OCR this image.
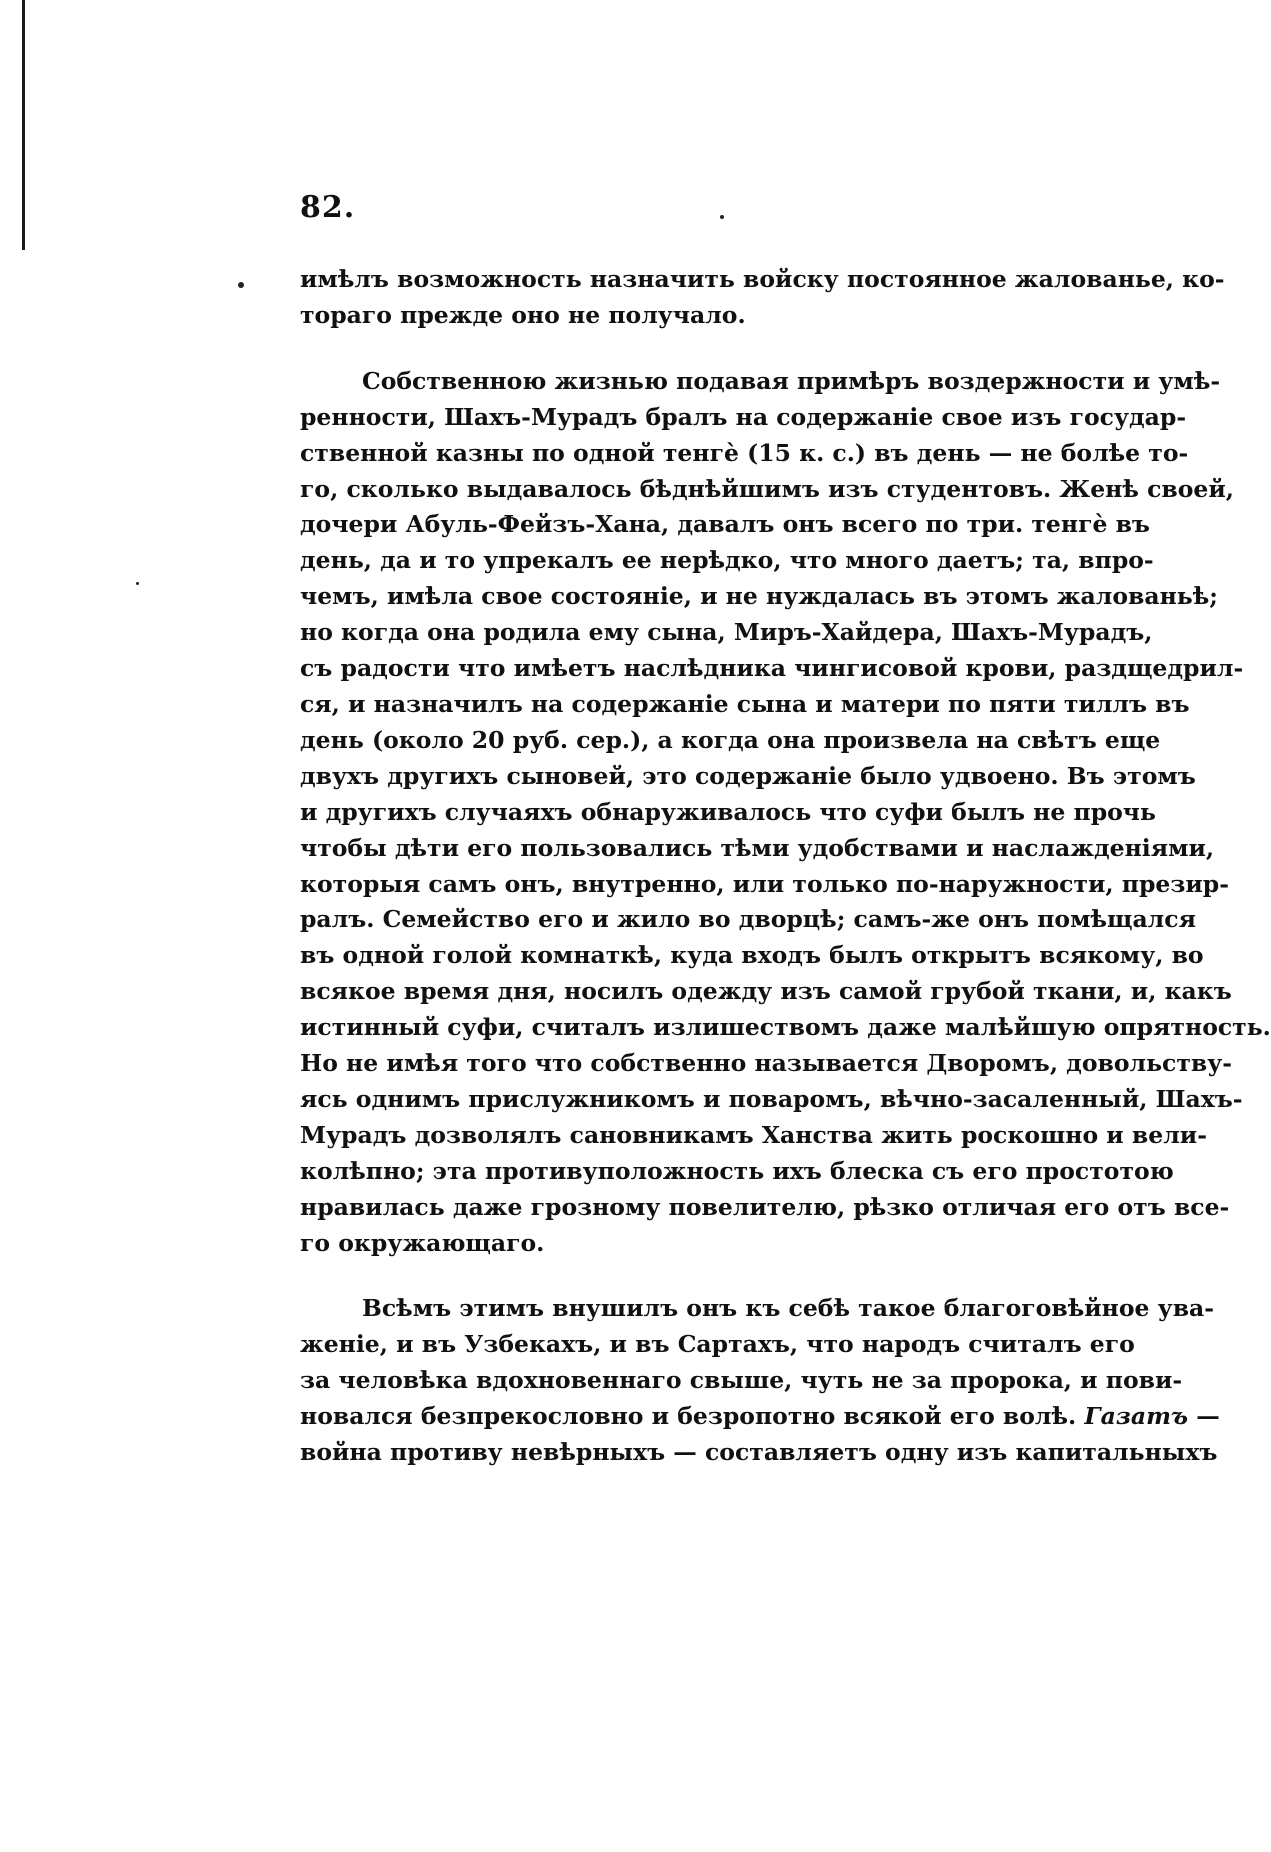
82.
имѣлъ возможность назначить войску постоянное жалованье, ко-
тораго прежде оно не получало.
Собственною жизнью подавая примѣръ воздержности и умѣ-
ренности, Шахъ-Мурадъ бралъ на содержаніе свое изъ государ-
ственной казны по одной тенгѐ (15 к. с.) въ день — не болѣе то-
го, сколько выдавалось бѣднѣйшимъ изъ студентовъ. Женѣ своей,
дочери Абуль-Фейзъ-Хана, давалъ онъ всего по три. тенгѐ въ
день, да и то упрекалъ ее нерѣдко, что много даетъ; та, впро-
чемъ, имѣла свое состояніе, и не нуждалась въ этомъ жалованьѣ;
но когда она родила ему сына, Миръ-Хайдера, Шахъ-Мурадъ,
съ радости что имѣетъ наслѣдника чингисовой крови, раздщедрил-
ся, и назначилъ на содержаніе сына и матери по пяти тиллъ въ
день (около 20 руб. сер.), а когда она произвела на свѣтъ еще
двухъ другихъ сыновей, это содержаніе было удвоено. Въ этомъ
и другихъ случаяхъ обнаруживалось что суфи былъ не прочь
чтобы дѣти его пользовались тѣми удобствами и наслажденіями,
которыя самъ онъ, внутренно, или только по-наружности, презир-
ралъ. Семейство его и жило во дворцѣ; самъ-же онъ помѣщался
въ одной голой комнаткѣ, куда входъ былъ открытъ всякому, во
всякое время дня, носилъ одежду изъ самой грубой ткани, и, какъ
истинный суфи, считалъ излишествомъ даже малѣйшую опрятность.
Но не имѣя того что собственно называется Дворомъ, довольству-
ясь однимъ прислужникомъ и поваромъ, вѣчно-засаленный, Шахъ-
Мурадъ дозволялъ сановникамъ Ханства жить роскошно и вели-
колѣпно; эта противуположность ихъ блеска съ его простотою
нравилась даже грозному повелителю, рѣзко отличая его отъ все-
го окружающаго.
Всѣмъ этимъ внушилъ онъ къ себѣ такое благоговѣйное ува-
женіе, и въ Узбекахъ, и въ Сартахъ, что народъ считалъ его
за человѣка вдохновеннаго свыше, чуть не за пророка, и пови-
новался безпрекословно и безропотно всякой его волѣ. Газатъ —
война противу невѣрныхъ — составляетъ одну изъ капитальныхъ
